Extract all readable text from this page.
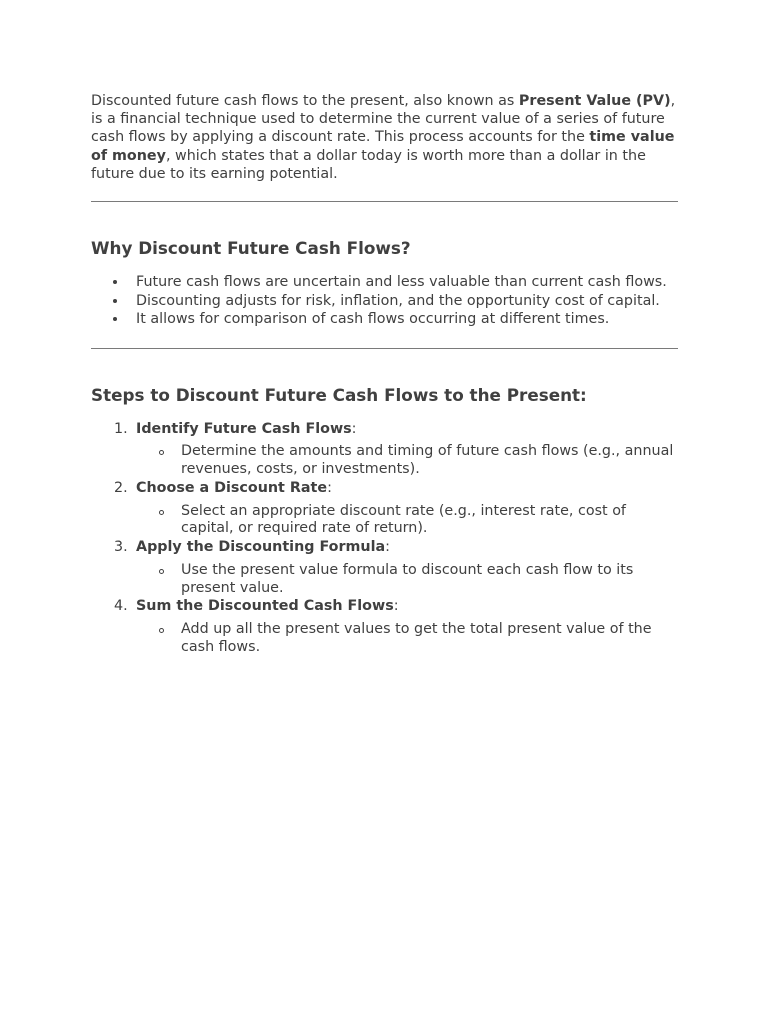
Discounted future cash flows to the present, also known as Present Value (PV), is a financial technique used to determine the current value of a series of future cash flows by applying a discount rate. This process accounts for the time value of money, which states that a dollar today is worth more than a dollar in the future due to its earning potential.

Why Discount Future Cash Flows?
Future cash flows are uncertain and less valuable than current cash flows.
Discounting adjusts for risk, inflation, and the opportunity cost of capital.
It allows for comparison of cash flows occurring at different times.
Steps to Discount Future Cash Flows to the Present:
1. Identify Future Cash Flows:
Determine the amounts and timing of future cash flows (e.g., annual revenues, costs, or investments).
2. Choose a Discount Rate:
Select an appropriate discount rate (e.g., interest rate, cost of capital, or required rate of return).
3. Apply the Discounting Formula:
Use the present value formula to discount each cash flow to its present value.
4. Sum the Discounted Cash Flows:
Add up all the present values to get the total present value of the cash flows.
